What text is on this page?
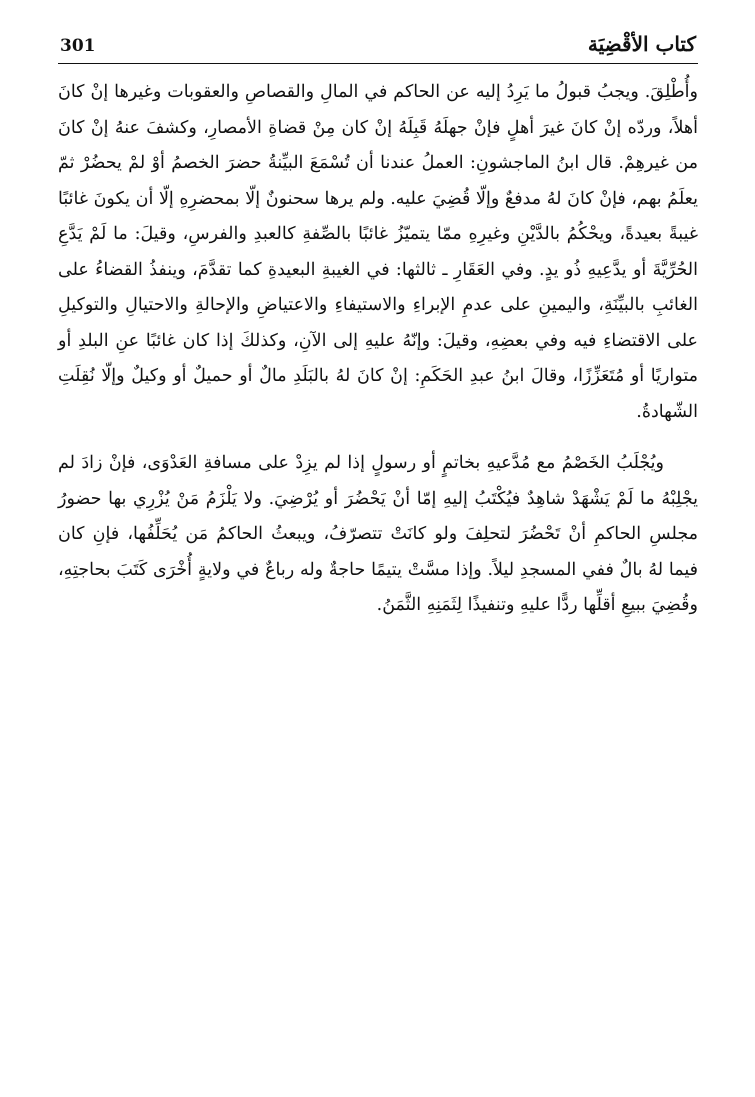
301	كتاب الأقْضِيَة

وأُطْلِقَ. ويجبُ قبولُ ما يَرِدُ إليه عن الحاكم في المالِ والقصاصِ والعقوبات وغيرها إنْ كانَ أهلاً، وردّه إنْ كانَ غيرَ أهلٍ فإنْ جهلَهُ قَبِلَهُ إنْ كان مِنْ قضاةِ الأمصارِ، وكشفَ عنهُ إنْ كانَ من غيرهِمْ. قال ابنُ الماجشونِ: العملُ عندنا أن تُسْمَعَ البيِّنةُ حضرَ الخصمُ أوْ لمْ يحضُرْ ثمّ يعلَمُ بهم، فإنْ كانَ لهُ مدفعٌ وإلّا قُضِيَ عليه. ولم يرها سحنونٌ إلّا بمحضرِهِ إلّا أن يكونَ غائبًا غيبةً بعيدةً، ويحْكُمُ بالدَّيْنِ وغيرِهِ ممّا يتميّزُ غائبًا بالصِّفةِ كالعبدِ والفرسِ، وقيلَ: ما لَمْ يَدَّعِ الحُرِّيَّةَ أو يدَّعِيهِ ذُو يدٍ. وفي العَقَارِ ـ ثالثها: في الغيبةِ البعيدةِ كما تقدَّمَ، وينفذُ القضاءُ على الغائبِ بالبيِّنَةِ، واليمينِ على عدمِ الإبراءِ والاستيفاءِ والاعتياضِ والإحالةِ والاحتيالِ والتوكيلِ على الاقتضاءِ فيه وفي بعضِهِ، وقيلَ: وإنّهُ عليهِ إلى الآنِ، وكذلكَ إذا كان غائبًا عنِ البلدِ أو متواريًا أو مُتَعَزِّزًا، وقالَ ابنُ عبدِ الحَكَمِ: إنْ كانَ لهُ بالبَلَدِ مالٌ أو حميلٌ أو وكيلٌ وإلّا نُقِلَتِ الشّهادةُ.

ويُجْلَبُ الخَصْمُ مع مُدَّعيهِ بخاتمٍ أو رسولٍ إذا لم يزِدْ على مسافةِ العَدْوَى، فإنْ زادَ لم يجْلِبْهُ ما لَمْ يَشْهَدْ شاهِدٌ فيُكْتَبُ إليهِ إمّا أنْ يَحْضُرَ أو يُرْضِيَ. ولا يَلْزَمُ مَنْ يُزْرِي بها حضورُ مجلسِ الحاكمِ أنْ تَحْضُرَ لتحلِفَ ولو كانَتْ تتصرّفُ، ويبعثُ الحاكمُ مَن يُحَلِّفُها، فإنِ كان فيما لهُ بالٌ ففي المسجدِ ليلاً. وإذا مسَّتْ يتيمًا حاجةٌ وله رباعٌ في ولايةٍ أُخْرَى كَتَبَ بحاجتِهِ، وقُضِيَ ببيعِ أقلِّها ردًّا عليهِ وتنفيذًا لِثَمَنِهِ الثَّمَنُ.
